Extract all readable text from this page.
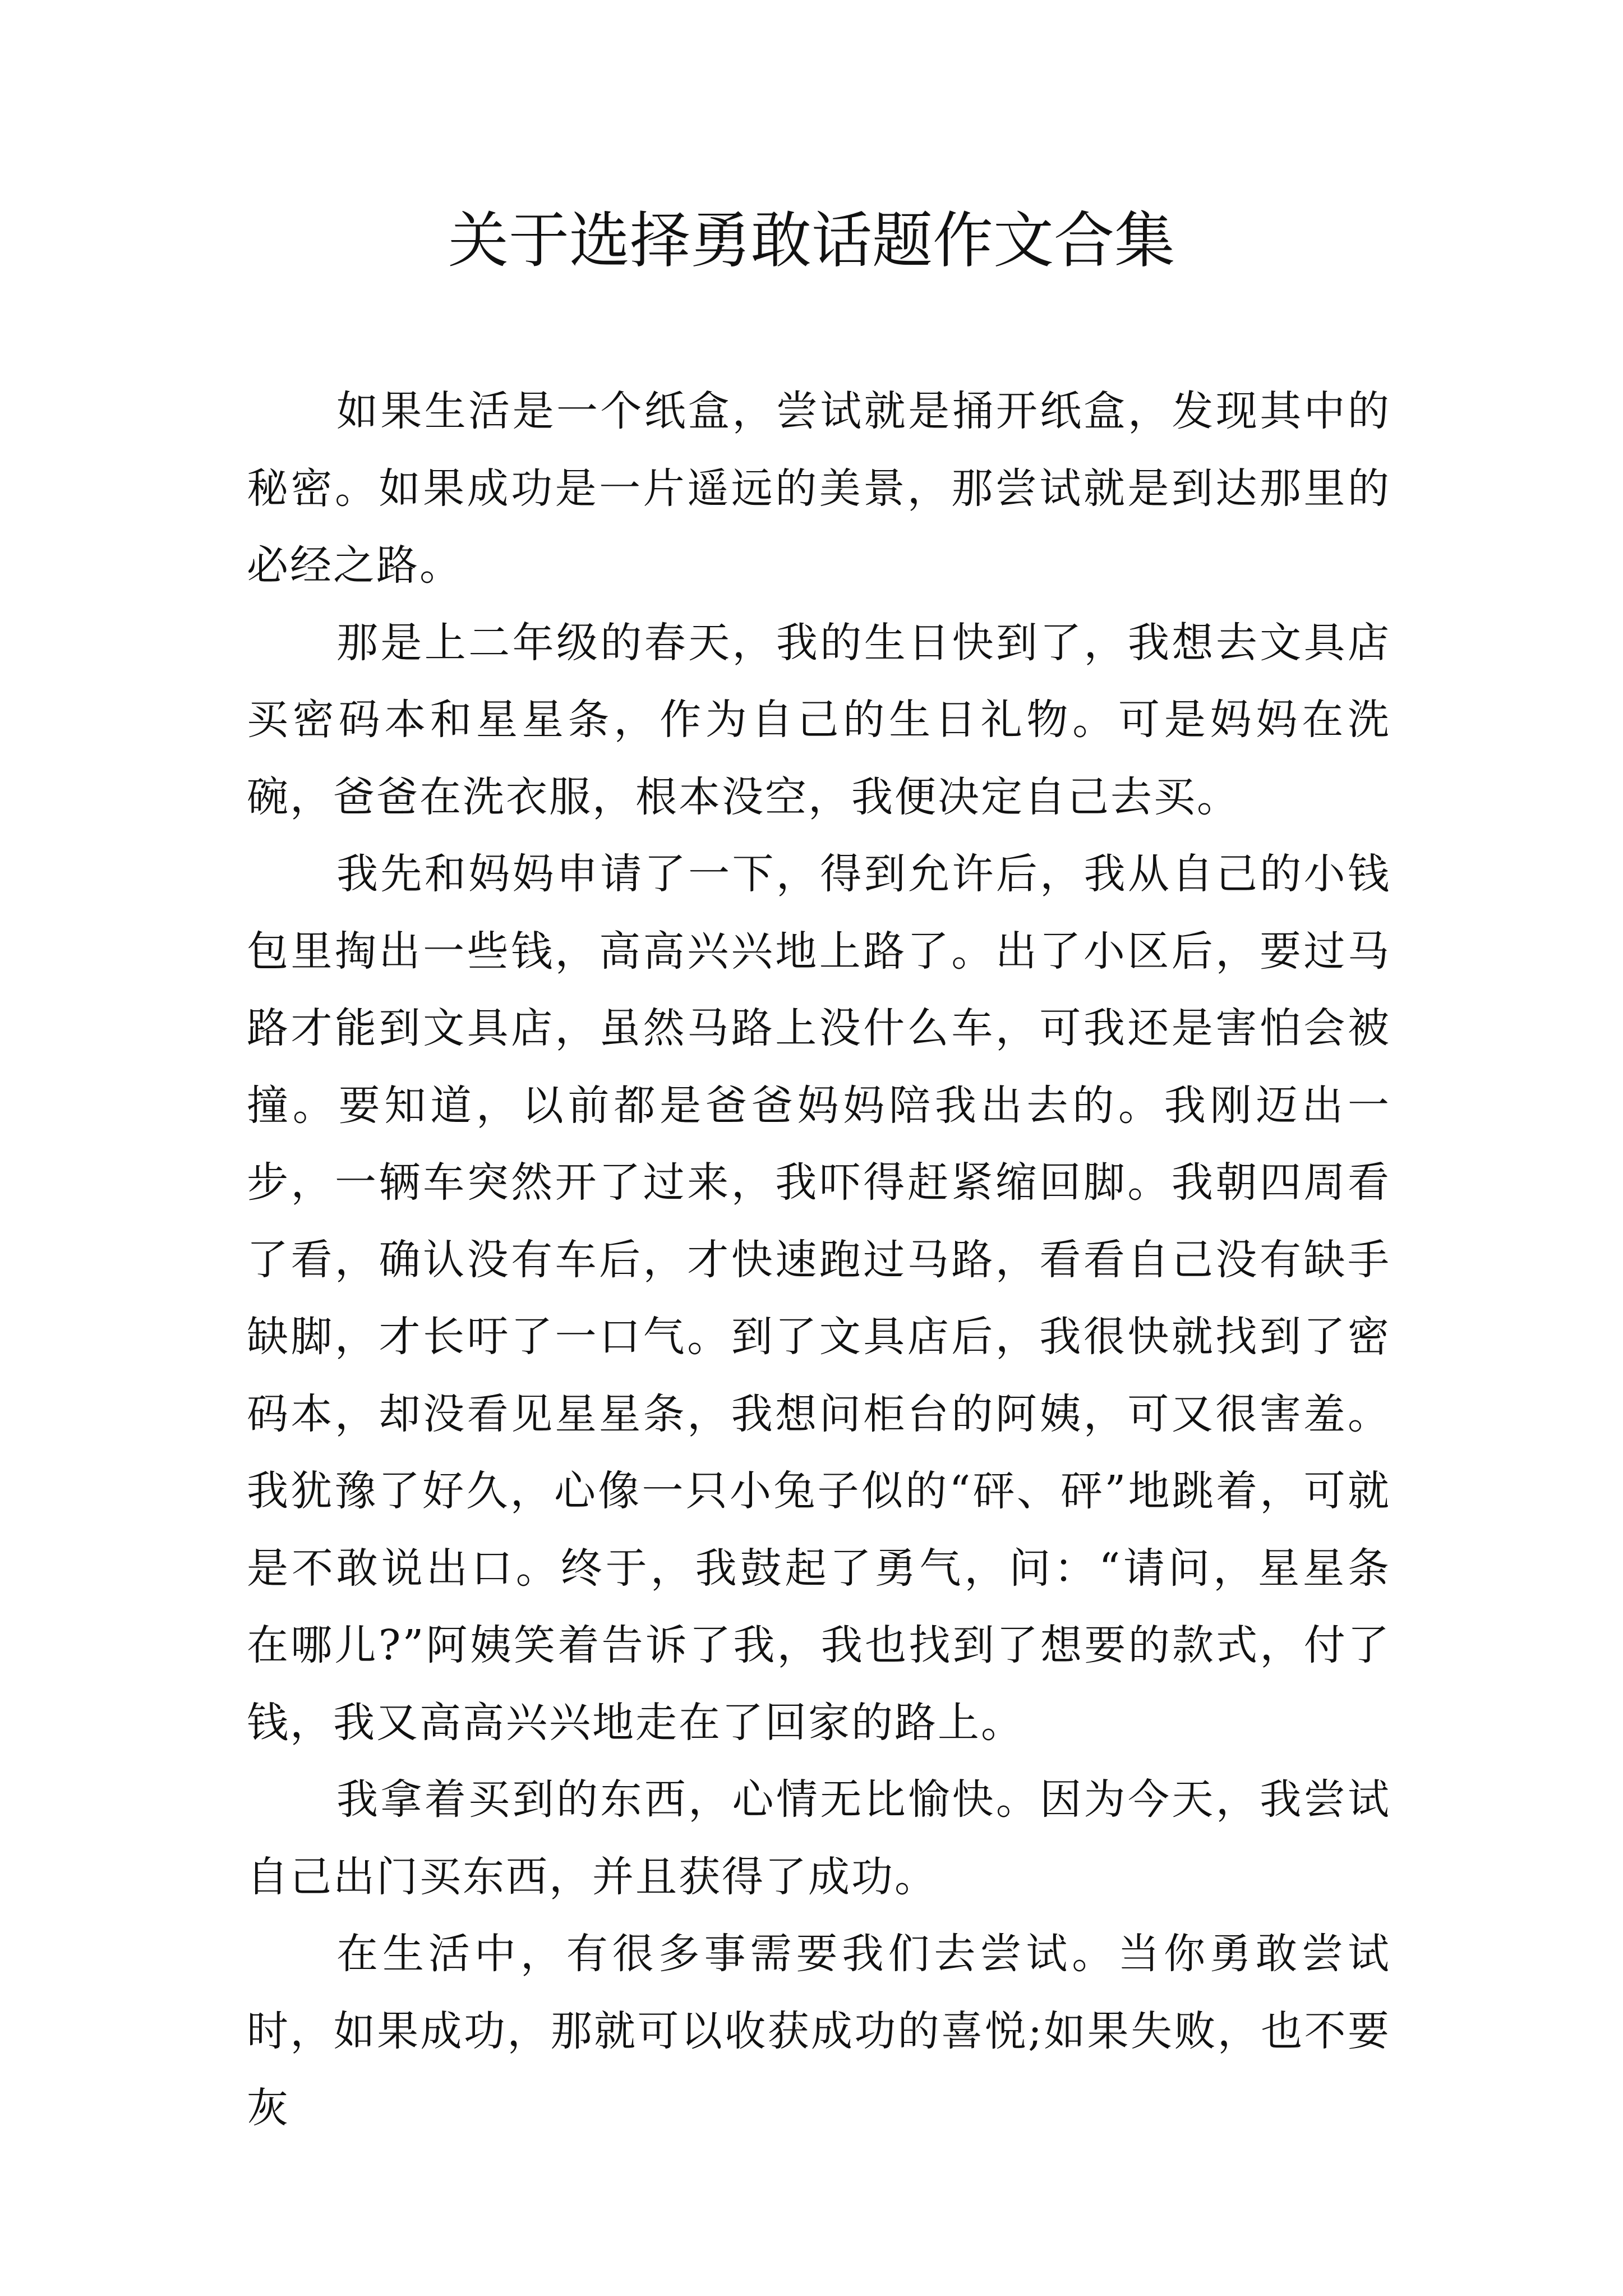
关于选择勇敢话题作文合集

如果生活是一个纸盒，尝试就是捅开纸盒，发现其中的秘密。如果成功是一片遥远的美景，那尝试就是到达那里的必经之路。

那是上二年级的春天，我的生日快到了，我想去文具店买密码本和星星条，作为自己的生日礼物。可是妈妈在洗碗，爸爸在洗衣服，根本没空，我便决定自己去买。

我先和妈妈申请了一下，得到允许后，我从自己的小钱包里掏出一些钱，高高兴兴地上路了。出了小区后，要过马路才能到文具店，虽然马路上没什么车，可我还是害怕会被撞。要知道，以前都是爸爸妈妈陪我出去的。我刚迈出一步，一辆车突然开了过来，我吓得赶紧缩回脚。我朝四周看了看，确认没有车后，才快速跑过马路，看看自己没有缺手缺脚，才长吁了一口气。到了文具店后，我很快就找到了密码本，却没看见星星条，我想问柜台的阿姨，可又很害羞。我犹豫了好久，心像一只小兔子似的“砰、砰”地跳着，可就是不敢说出口。终于，我鼓起了勇气，问：“请问，星星条在哪儿?”阿姨笑着告诉了我，我也找到了想要的款式，付了钱，我又高高兴兴地走在了回家的路上。

我拿着买到的东西，心情无比愉快。因为今天，我尝试自己出门买东西，并且获得了成功。

在生活中，有很多事需要我们去尝试。当你勇敢尝试时，如果成功，那就可以收获成功的喜悦;如果失败，也不要灰
